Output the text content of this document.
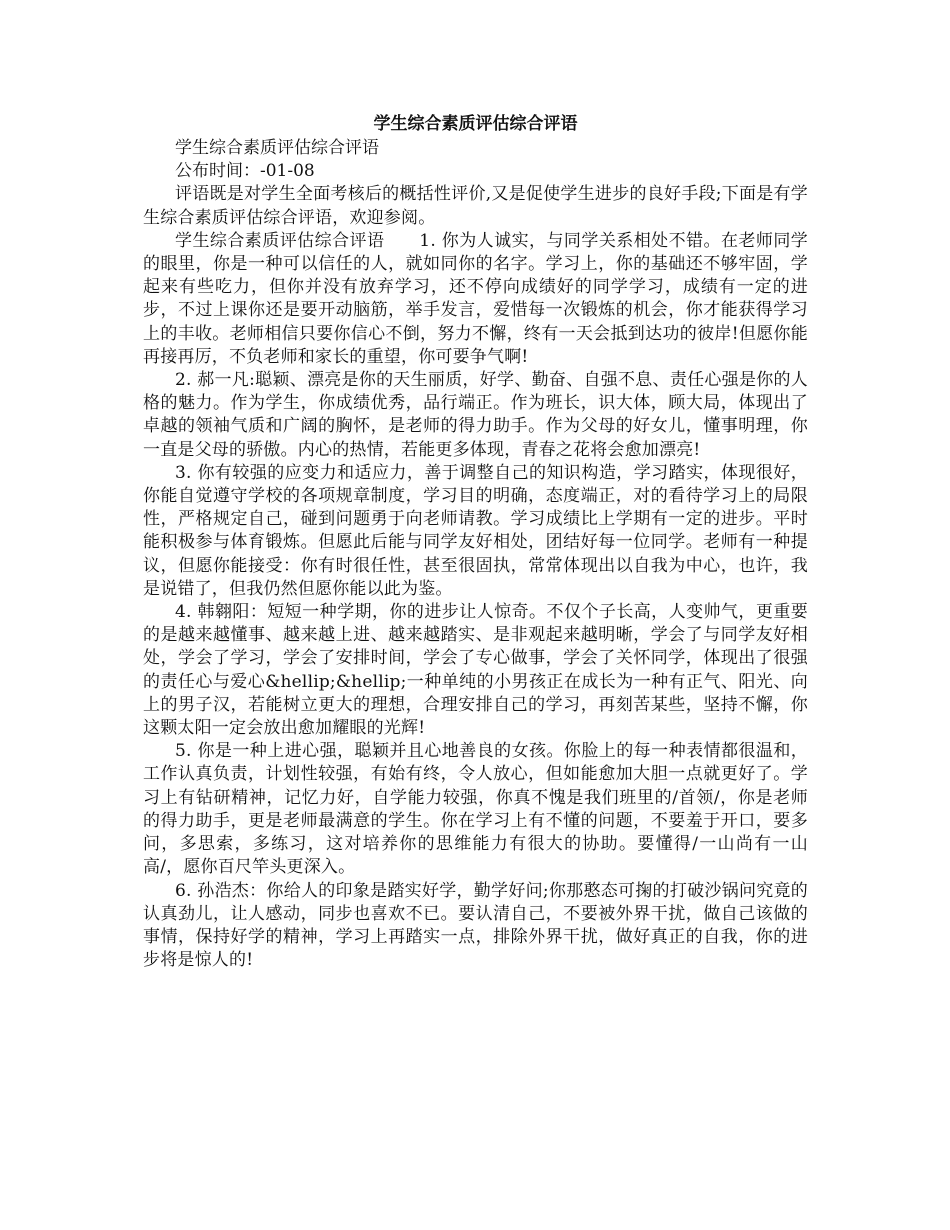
学生综合素质评估综合评语

学生综合素质评估综合评语

公布时间：-01-08

评语既是对学生全面考核后的概括性评价,又是促使学生进步的良好手段;下面是有学生综合素质评估综合评语，欢迎参阅。

学生综合素质评估综合评语　　1. 你为人诚实，与同学关系相处不错。在老师同学的眼里，你是一种可以信任的人，就如同你的名字。学习上，你的基础还不够牢固，学起来有些吃力，但你并没有放弃学习，还不停向成绩好的同学学习，成绩有一定的进步，不过上课你还是要开动脑筋，举手发言，爱惜每一次锻炼的机会，你才能获得学习上的丰收。老师相信只要你信心不倒，努力不懈，终有一天会抵到达功的彼岸!但愿你能再接再厉，不负老师和家长的重望，你可要争气啊!

2. 郝一凡:聪颖、漂亮是你的天生丽质，好学、勤奋、自强不息、责任心强是你的人格的魅力。作为学生，你成绩优秀，品行端正。作为班长，识大体，顾大局，体现出了卓越的领袖气质和广阔的胸怀，是老师的得力助手。作为父母的好女儿，懂事明理，你一直是父母的骄傲。内心的热情，若能更多体现，青春之花将会愈加漂亮!

3. 你有较强的应变力和适应力，善于调整自己的知识构造，学习踏实，体现很好，你能自觉遵守学校的各项规章制度，学习目的明确，态度端正，对的看待学习上的局限性，严格规定自己，碰到问题勇于向老师请教。学习成绩比上学期有一定的进步。平时能积极参与体育锻炼。但愿此后能与同学友好相处，团结好每一位同学。老师有一种提议，但愿你能接受：你有时很任性，甚至很固执，常常体现出以自我为中心，也许，我是说错了，但我仍然但愿你能以此为鉴。

4. 韩翱阳：短短一种学期，你的进步让人惊奇。不仅个子长高，人变帅气，更重要的是越来越懂事、越来越上进、越来越踏实、是非观起来越明晰，学会了与同学友好相处，学会了学习，学会了安排时间，学会了专心做事，学会了关怀同学，体现出了很强的责任心与爱心&hellip;&hellip;一种单纯的小男孩正在成长为一种有正气、阳光、向上的男子汉，若能树立更大的理想，合理安排自己的学习，再刻苦某些，坚持不懈，你这颗太阳一定会放出愈加耀眼的光辉!

5. 你是一种上进心强，聪颖并且心地善良的女孩。你脸上的每一种表情都很温和，工作认真负责，计划性较强，有始有终，令人放心，但如能愈加大胆一点就更好了。学习上有钻研精神，记忆力好，自学能力较强，你真不愧是我们班里的/首领/，你是老师的得力助手，更是老师最满意的学生。你在学习上有不懂的问题，不要羞于开口，要多问，多思索，多练习，这对培养你的思维能力有很大的协助。要懂得/一山尚有一山高/，愿你百尺竿头更深入。

6. 孙浩杰：你给人的印象是踏实好学，勤学好问;你那憨态可掬的打破沙锅问究竟的认真劲儿，让人感动，同步也喜欢不已。要认清自己，不要被外界干扰，做自己该做的事情，保持好学的精神，学习上再踏实一点，排除外界干扰，做好真正的自我，你的进步将是惊人的!
